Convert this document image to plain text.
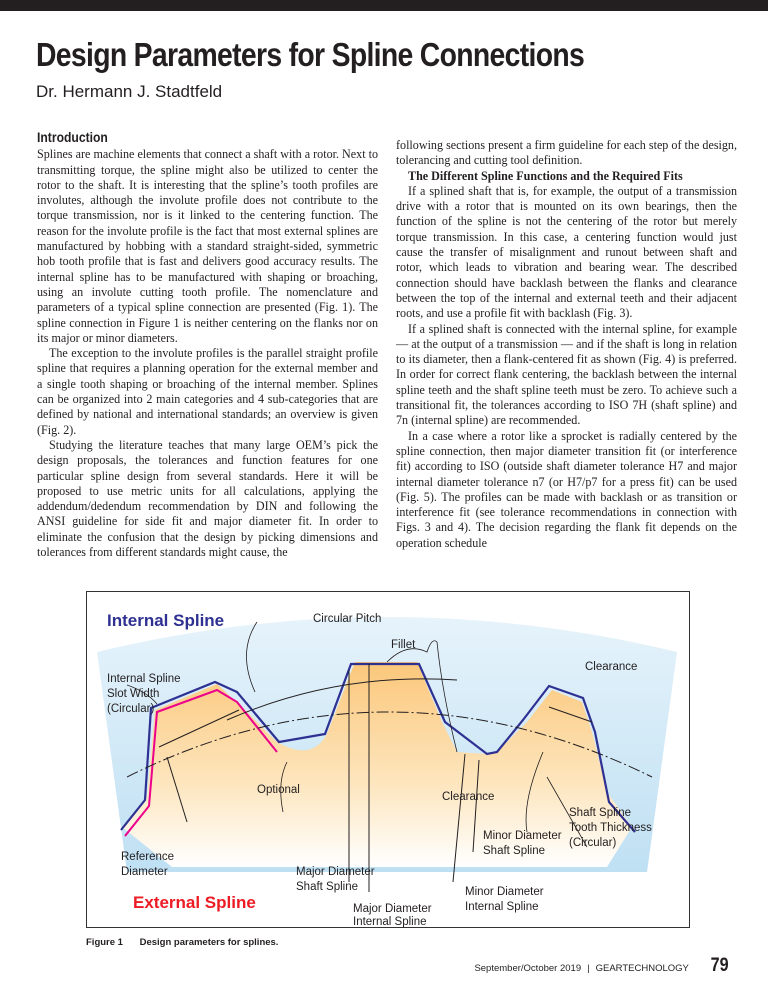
Design Parameters for Spline Connections
Dr. Hermann J. Stadtfeld
Introduction

Splines are machine elements that connect a shaft with a rotor. Next to transmitting torque, the spline might also be utilized to center the rotor to the shaft. It is interesting that the spline’s tooth profiles are involutes, although the involute profile does not contribute to the torque transmission, nor is it linked to the centering function. The reason for the involute profile is the fact that most external splines are manufactured by hobbing with a standard straight-sided, symmetric hob tooth profile that is fast and delivers good accuracy results. The internal spline has to be manufactured with shaping or broaching, using an involute cutting tooth profile. The nomenclature and parameters of a typical spline connection are presented (Fig. 1). The spline connection in Figure 1 is neither centering on the flanks nor on its major or minor diameters.

The exception to the involute profiles is the parallel straight profile spline that requires a planning operation for the external member and a single tooth shaping or broaching of the internal member. Splines can be organized into 2 main categories and 4 sub-categories that are defined by national and international standards; an overview is given (Fig. 2).

Studying the literature teaches that many large OEM’s pick the design proposals, the tolerances and function features for one particular spline design from several standards. Here it will be proposed to use metric units for all calculations, applying the addendum/dedendum recommendation by DIN and following the ANSI guideline for side fit and major diameter fit. In order to eliminate the confusion that the design by picking dimensions and tolerances from different standards might cause, the

following sections present a firm guideline for each step of the design, tolerancing and cutting tool definition.

The Different Spline Functions and the Required Fits

If a splined shaft that is, for example, the output of a transmission drive with a rotor that is mounted on its own bearings, then the function of the spline is not the centering of the rotor but merely torque transmission. In this case, a centering function would just cause the transfer of misalignment and runout between shaft and rotor, which leads to vibration and bearing wear. The described connection should have backlash between the flanks and clearance between the top of the internal and external teeth and their adjacent roots, and use a profile fit with backlash (Fig. 3).

If a splined shaft is connected with the internal spline, for example — at the output of a transmission — and if the shaft is long in relation to its diameter, then a flank-centered fit as shown (Fig. 4) is preferred. In order for correct flank centering, the backlash between the internal spline teeth and the shaft spline teeth must be zero. To achieve such a transitional fit, the tolerances according to ISO 7H (shaft spline) and 7n (internal spline) are recommended.

In a case where a rotor like a sprocket is radially centered by the spline connection, then major diameter transition fit (or interference fit) according to ISO (outside shaft diameter tolerance H7 and major internal diameter tolerance n7 (or H7/p7 for a press fit) can be used (Fig. 5). The profiles can be made with backlash or as transition or interference fit (see tolerance recommendations in connection with Figs. 3 and 4). The decision regarding the flank fit depends on the operation schedule

Internal Spline
External Spline
Circular Pitch
Fillet
Clearance
Internal Spline
Slot Width
(Circular)
Optional
Clearance
Shaft Spline
Tooth Thickness
(Circular)
Minor Diameter
Shaft Spline
Reference
Diameter	Major Diameter
Shaft Spline	Minor Diameter
Internal Spline
Major Diameter
Internal Spline
Figure 1 Design parameters for splines.
September/October 2019 | GEARTECHNOLOGY 79
